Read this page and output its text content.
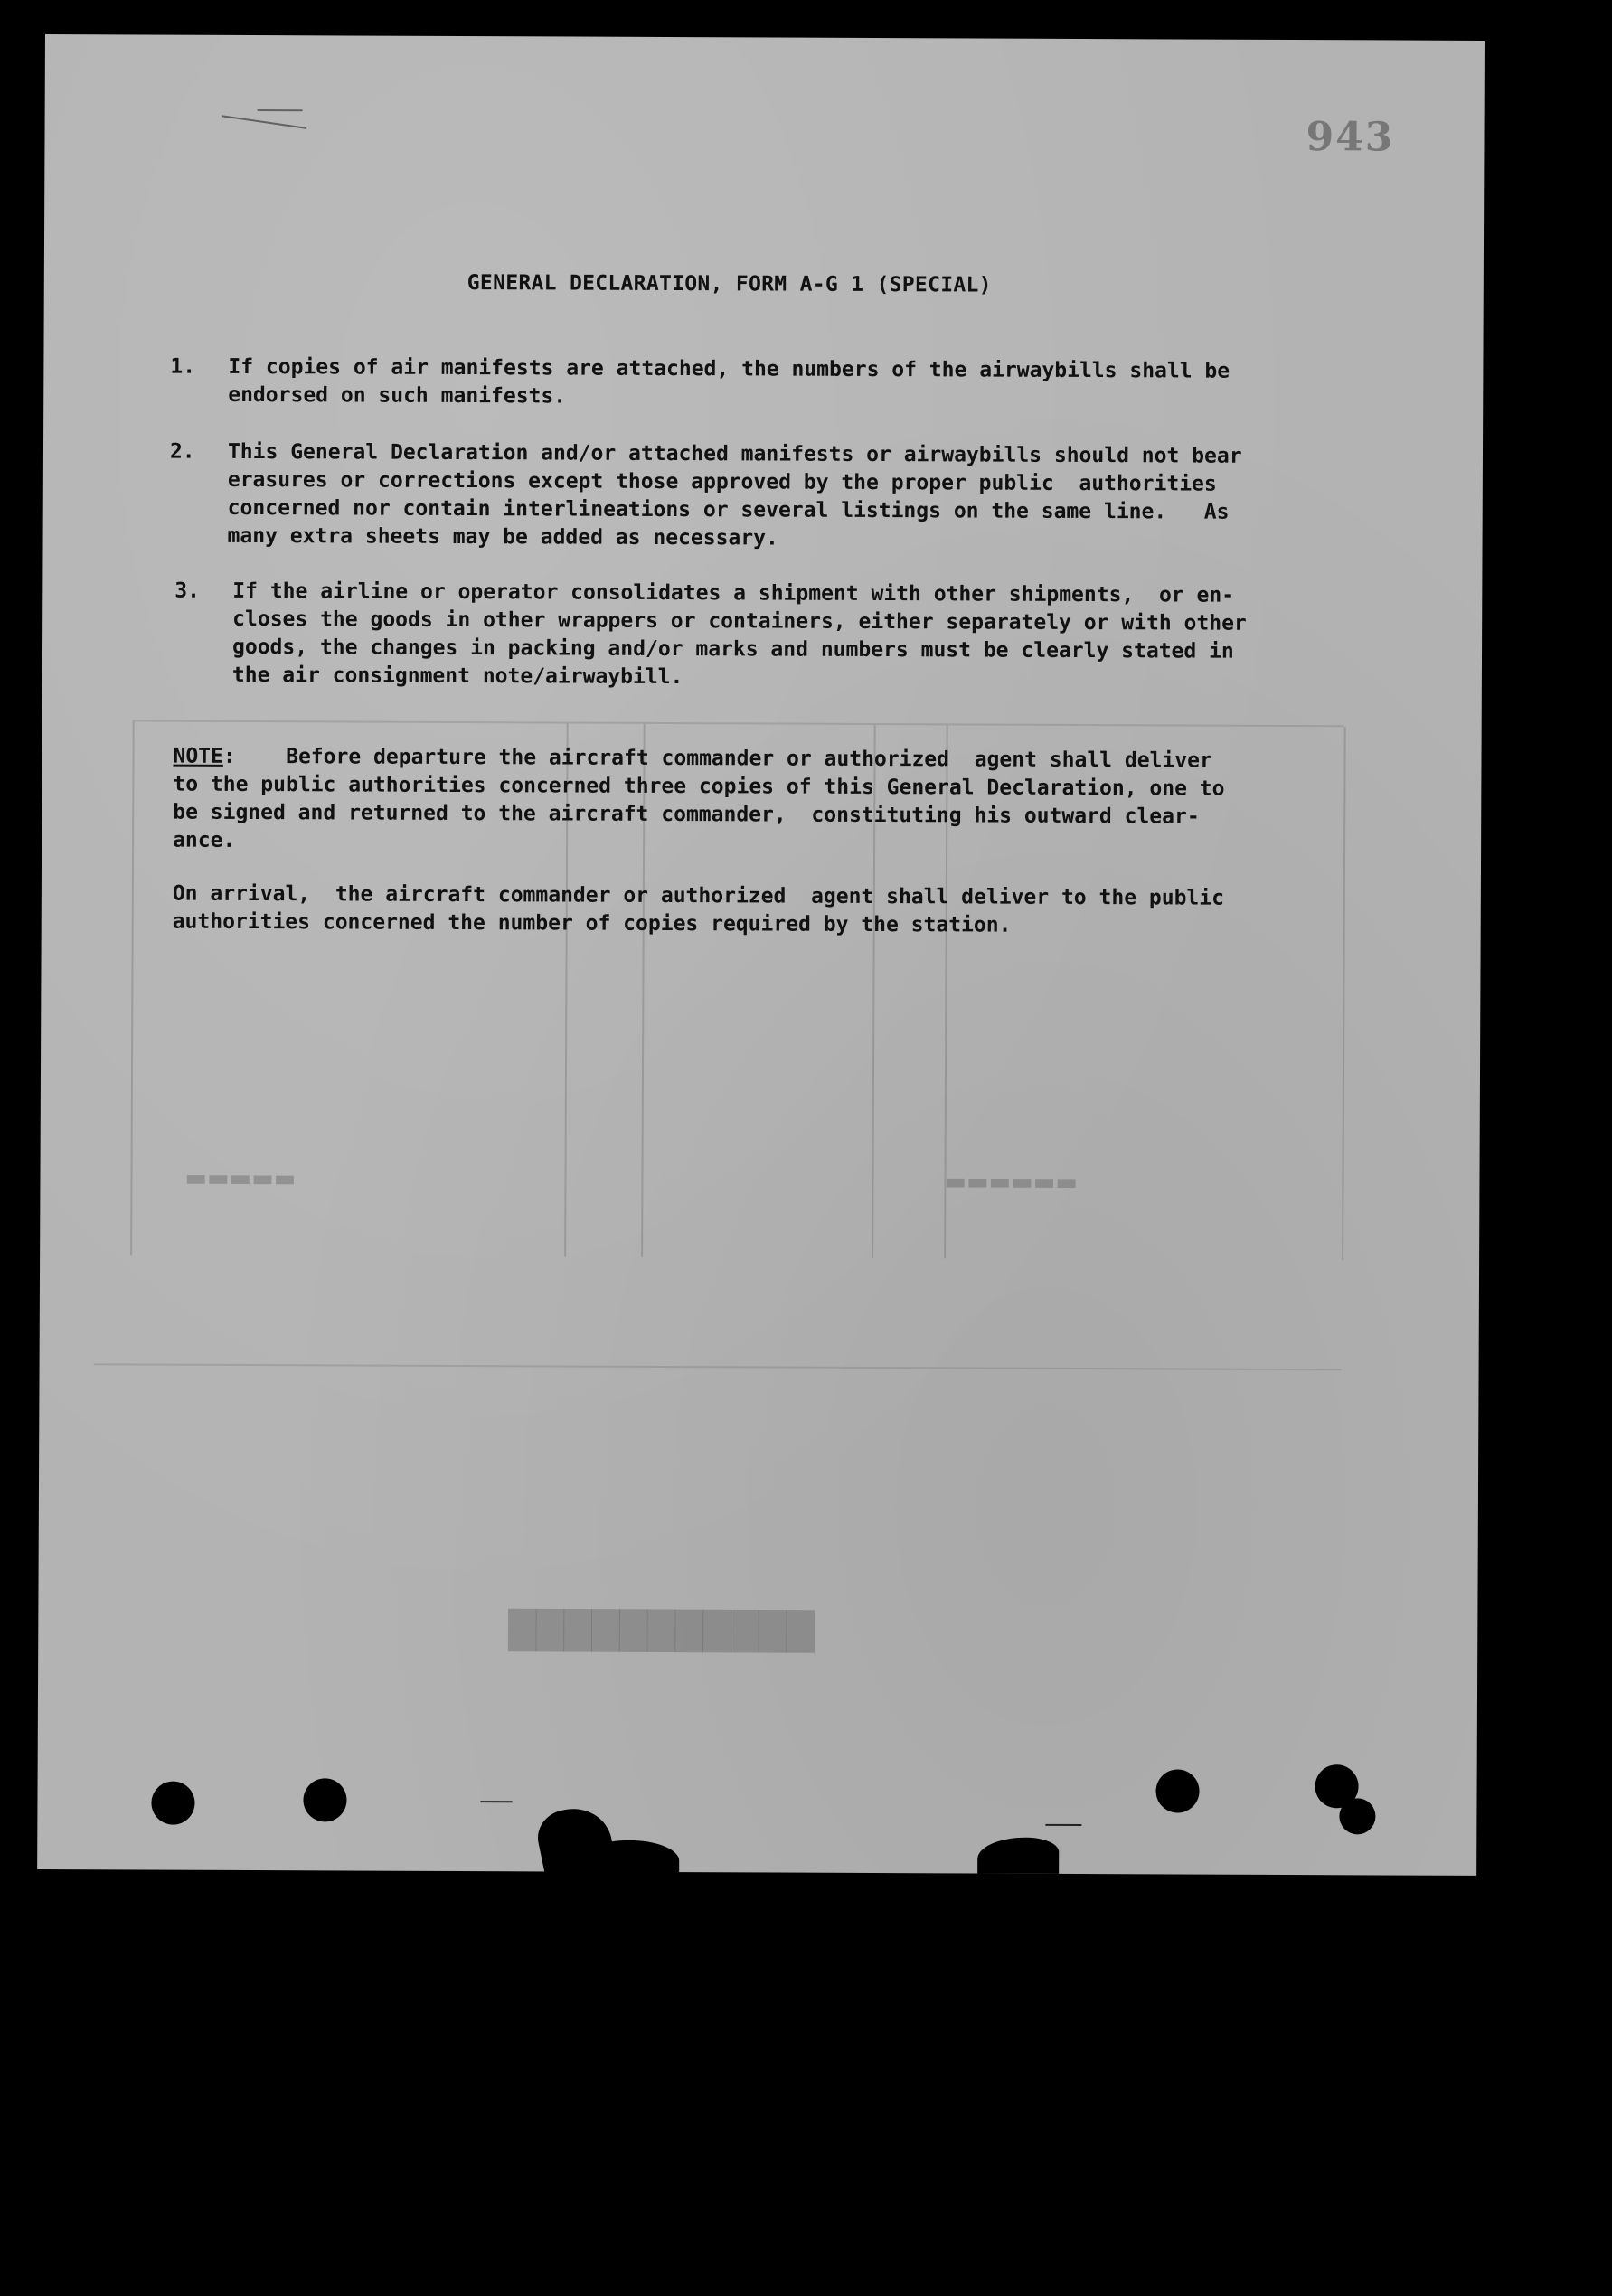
███████████
▬▬▬▬▬▬
▬▬▬▬▬
943
GENERAL DECLARATION, FORM A-G 1 (SPECIAL)
1. If copies of air manifests are attached, the numbers of the airwaybills shall be
endorsed on such manifests.
2. This General Declaration and/or attached manifests or airwaybills should not bear
erasures or corrections except those approved by the proper public  authorities
concerned nor contain interlineations or several listings on the same line.   As
many extra sheets may be added as necessary.
3. If the airline or operator consolidates a shipment with other shipments,  or en-
closes the goods in other wrappers or containers, either separately or with other
goods, the changes in packing and/or marks and numbers must be clearly stated in
the air consignment note/airwaybill.
NOTE:    Before departure the aircraft commander or authorized  agent shall deliver
to the public authorities concerned three copies of this General Declaration, one to
be signed and returned to the aircraft commander,  constituting his outward clear-
ance.
On arrival,  the aircraft commander or authorized  agent shall deliver to the public
authorities concerned the number of copies required by the station.
